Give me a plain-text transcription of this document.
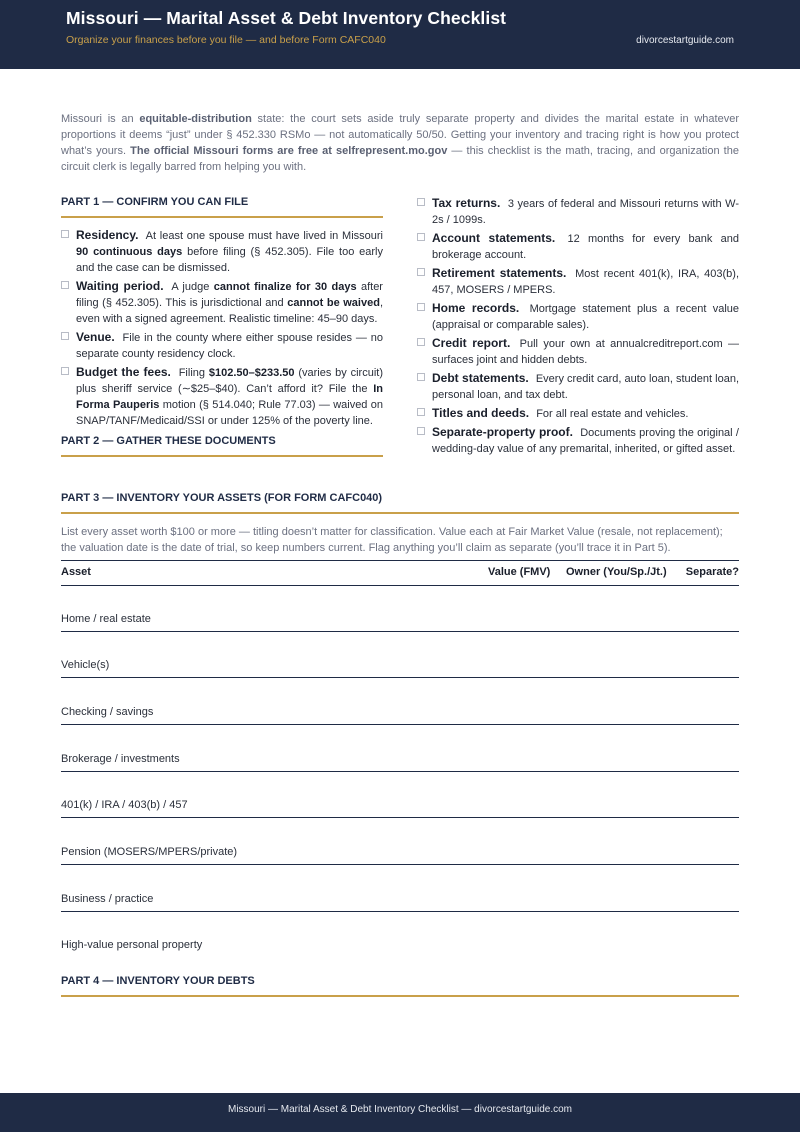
Missouri — Marital Asset & Debt Inventory Checklist
Organize your finances before you file — and before Form CAFC040	divorcestartguide.com
Missouri is an equitable-distribution state: the court sets aside truly separate property and divides the marital estate in whatever proportions it deems “just” under § 452.330 RSMo — not automatically 50/50. Getting your inventory and tracing right is how you protect what’s yours. The official Missouri forms are free at selfrepresent.mo.gov — this checklist is the math, tracing, and organization the circuit clerk is legally barred from helping you with.
PART 1 — CONFIRM YOU CAN FILE
Residency. At least one spouse must have lived in Missouri 90 continuous days before filing (§ 452.305). File too early and the case can be dismissed.
Waiting period. A judge cannot finalize for 30 days after filing (§ 452.305). This is jurisdictional and cannot be waived, even with a signed agreement. Realistic timeline: 45–90 days.
Venue. File in the county where either spouse resides — no separate county residency clock.
Budget the fees. Filing $102.50–$233.50 (varies by circuit) plus sheriff service (∼$25–$40). Can’t afford it? File the In Forma Pauperis motion (§ 514.040; Rule 77.03) — waived on SNAP/TANF/Medicaid/SSI or under 125% of the poverty line.
PART 2 — GATHER THESE DOCUMENTS
Tax returns. 3 years of federal and Missouri returns with W-2s / 1099s.
Account statements. 12 months for every bank and brokerage account.
Retirement statements. Most recent 401(k), IRA, 403(b), 457, MOSERS / MPERS.
Home records. Mortgage statement plus a recent value (appraisal or comparable sales).
Credit report. Pull your own at annualcreditreport.com — surfaces joint and hidden debts.
Debt statements. Every credit card, auto loan, student loan, personal loan, and tax debt.
Titles and deeds. For all real estate and vehicles.
Separate-property proof. Documents proving the original / wedding-day value of any premarital, inherited, or gifted asset.
PART 3 — INVENTORY YOUR ASSETS (FOR FORM CAFC040)
List every asset worth $100 or more — titling doesn’t matter for classification. Value each at Fair Market Value (resale, not replacement); the valuation date is the date of trial, so keep numbers current. Flag anything you’ll claim as separate (you’ll trace it in Part 5).
Asset	Value (FMV) Owner (You/Sp./Jt.) Separate?
Home / real estate
Vehicle(s)
Checking / savings
Brokerage / investments
401(k) / IRA / 403(b) / 457
Pension (MOSERS/MPERS/private)
Business / practice
High-value personal property
PART 4 — INVENTORY YOUR DEBTS
Missouri — Marital Asset & Debt Inventory Checklist — divorcestartguide.com
